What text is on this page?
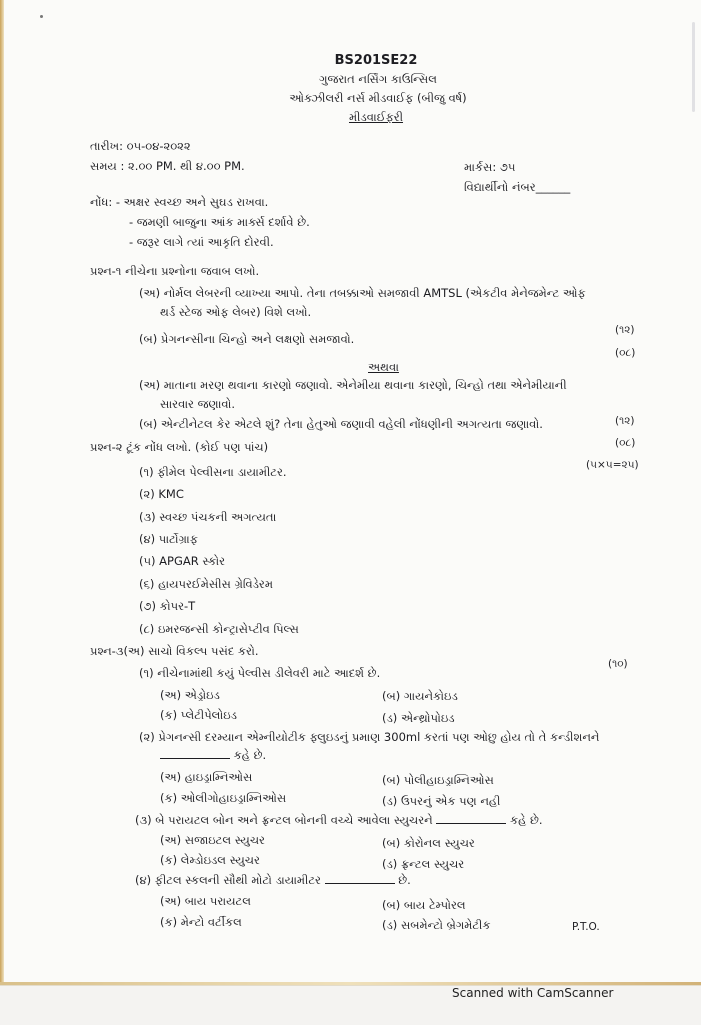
BS201SE22
ગુજરાત નર્સિંગ કાઉન્સિલ
ઓક્ઝીલરી નર્સ મીડવાઈફ (બીજુ વર્ષ)
મીડવાઈફરી
તારીખ: ૦૫-૦૪-૨૦૨૨
સમય : ૨.૦૦ PM. થી ૪.૦૦ PM.	માર્કસ: ૭૫
વિદ્યાર્થીનો નંબર______
નોંધ: - અક્ષર સ્વચ્છ અને સુઘડ રાખવા.
- જમણી બાજુના આંક માર્ક્સ દર્શાવે છે.
- જરૂર લાગે ત્યાં આકૃતિ દોરવી.
પ્રશ્ન-૧ નીચેના પ્રશ્નોના જવાબ લખો.
(અ) નોર્મલ લેબરની વ્યાખ્યા આપો. તેના તબક્કાઓ સમજાવી AMTSL (એકટીવ મેનેજમેન્ટ ઓફ
થર્ડ સ્ટેજ ઓફ લેબર) વિશે લખો.
(૧૨)
(બ) પ્રેગનન્સીના ચિન્હો અને લક્ષણો સમજાવો.
(૦૮)
અથવા
(અ) માતાના મરણ થવાના કારણો જણાવો. એનેમીયા થવાના કારણો, ચિન્હો તથા એનેમીયાની
સારવાર જણાવો.
(૧૨)
(બ) એન્ટીનેટલ કેર એટલે શું? તેના હેતુઓ જણાવી વહેલી નોંધણીની અગત્યતા જણાવો.
(૦૮)
પ્રશ્ન-૨ ટૂંક નોંધ લખો. (કોઈ પણ પાંચ)
(૫×૫=૨૫)
(૧) ફીમેલ પેલ્વીસના ડાયામીટર.
(૨) KMC
(૩) સ્વચ્છ પંચકની અગત્યતા
(૪) પાર્ટોગ્રાફ
(૫) APGAR સ્કોર
(૬) હાયપરઈમેસીસ ગ્રેવિડેરમ
(૭) કોપર-T
(૮) ઇમરજન્સી કોન્ટ્રાસેપ્ટીવ પિલ્સ
પ્રશ્ન-૩(અ) સાચો વિકલ્પ પસંદ કરો.
(૧૦)
(૧) નીચેનામાંથી કયું પેલ્વીસ ડીલેવરી માટે આદર્શ છે.
(અ) એડ્રોઇડ	(બ) ગાયનેકોઇડ
(ક) પ્લેટીપેલોઇડ	(ડ) એન્થ્રોપોઇડ
(૨) પ્રેગનન્સી દરમ્યાન એમ્નીયોટીક ફ્લુઇડનું પ્રમાણ 300ml કરતાં પણ ઓછુ હોય તો તે કન્ડીશનને
કહે છે.
(અ) હાઇડ્રામ્નિઓસ	(બ) પોલીહાઇડ્રામ્નિઓસ
(ક) ઓલીગોહાઇડ્રામ્નિઓસ	(ડ) ઉપરનું એક પણ નહી
(૩) બે પરાયટલ બોન અને ફ્રન્ટલ બોનની વચ્ચે આવેલા સ્યુચરને	કહે છે.
(અ) સજાઇટલ સ્યુચર	(બ) કોરોનલ સ્યુચર
(ક) લેમ્ડોઇડલ સ્યુચર	(ડ) ફ્રન્ટલ સ્યુચર
(૪) ફીટલ સ્કલની સૌથી મોટો ડાયામીટર	છે.
(અ) બાય પરાયટલ	(બ) બાય ટેમ્પોરલ
(ક) મેન્ટો વર્ટીકલ	(ડ) સબમેન્ટો બ્રેગમેટીક	P.T.O.
Scanned with CamScanner
